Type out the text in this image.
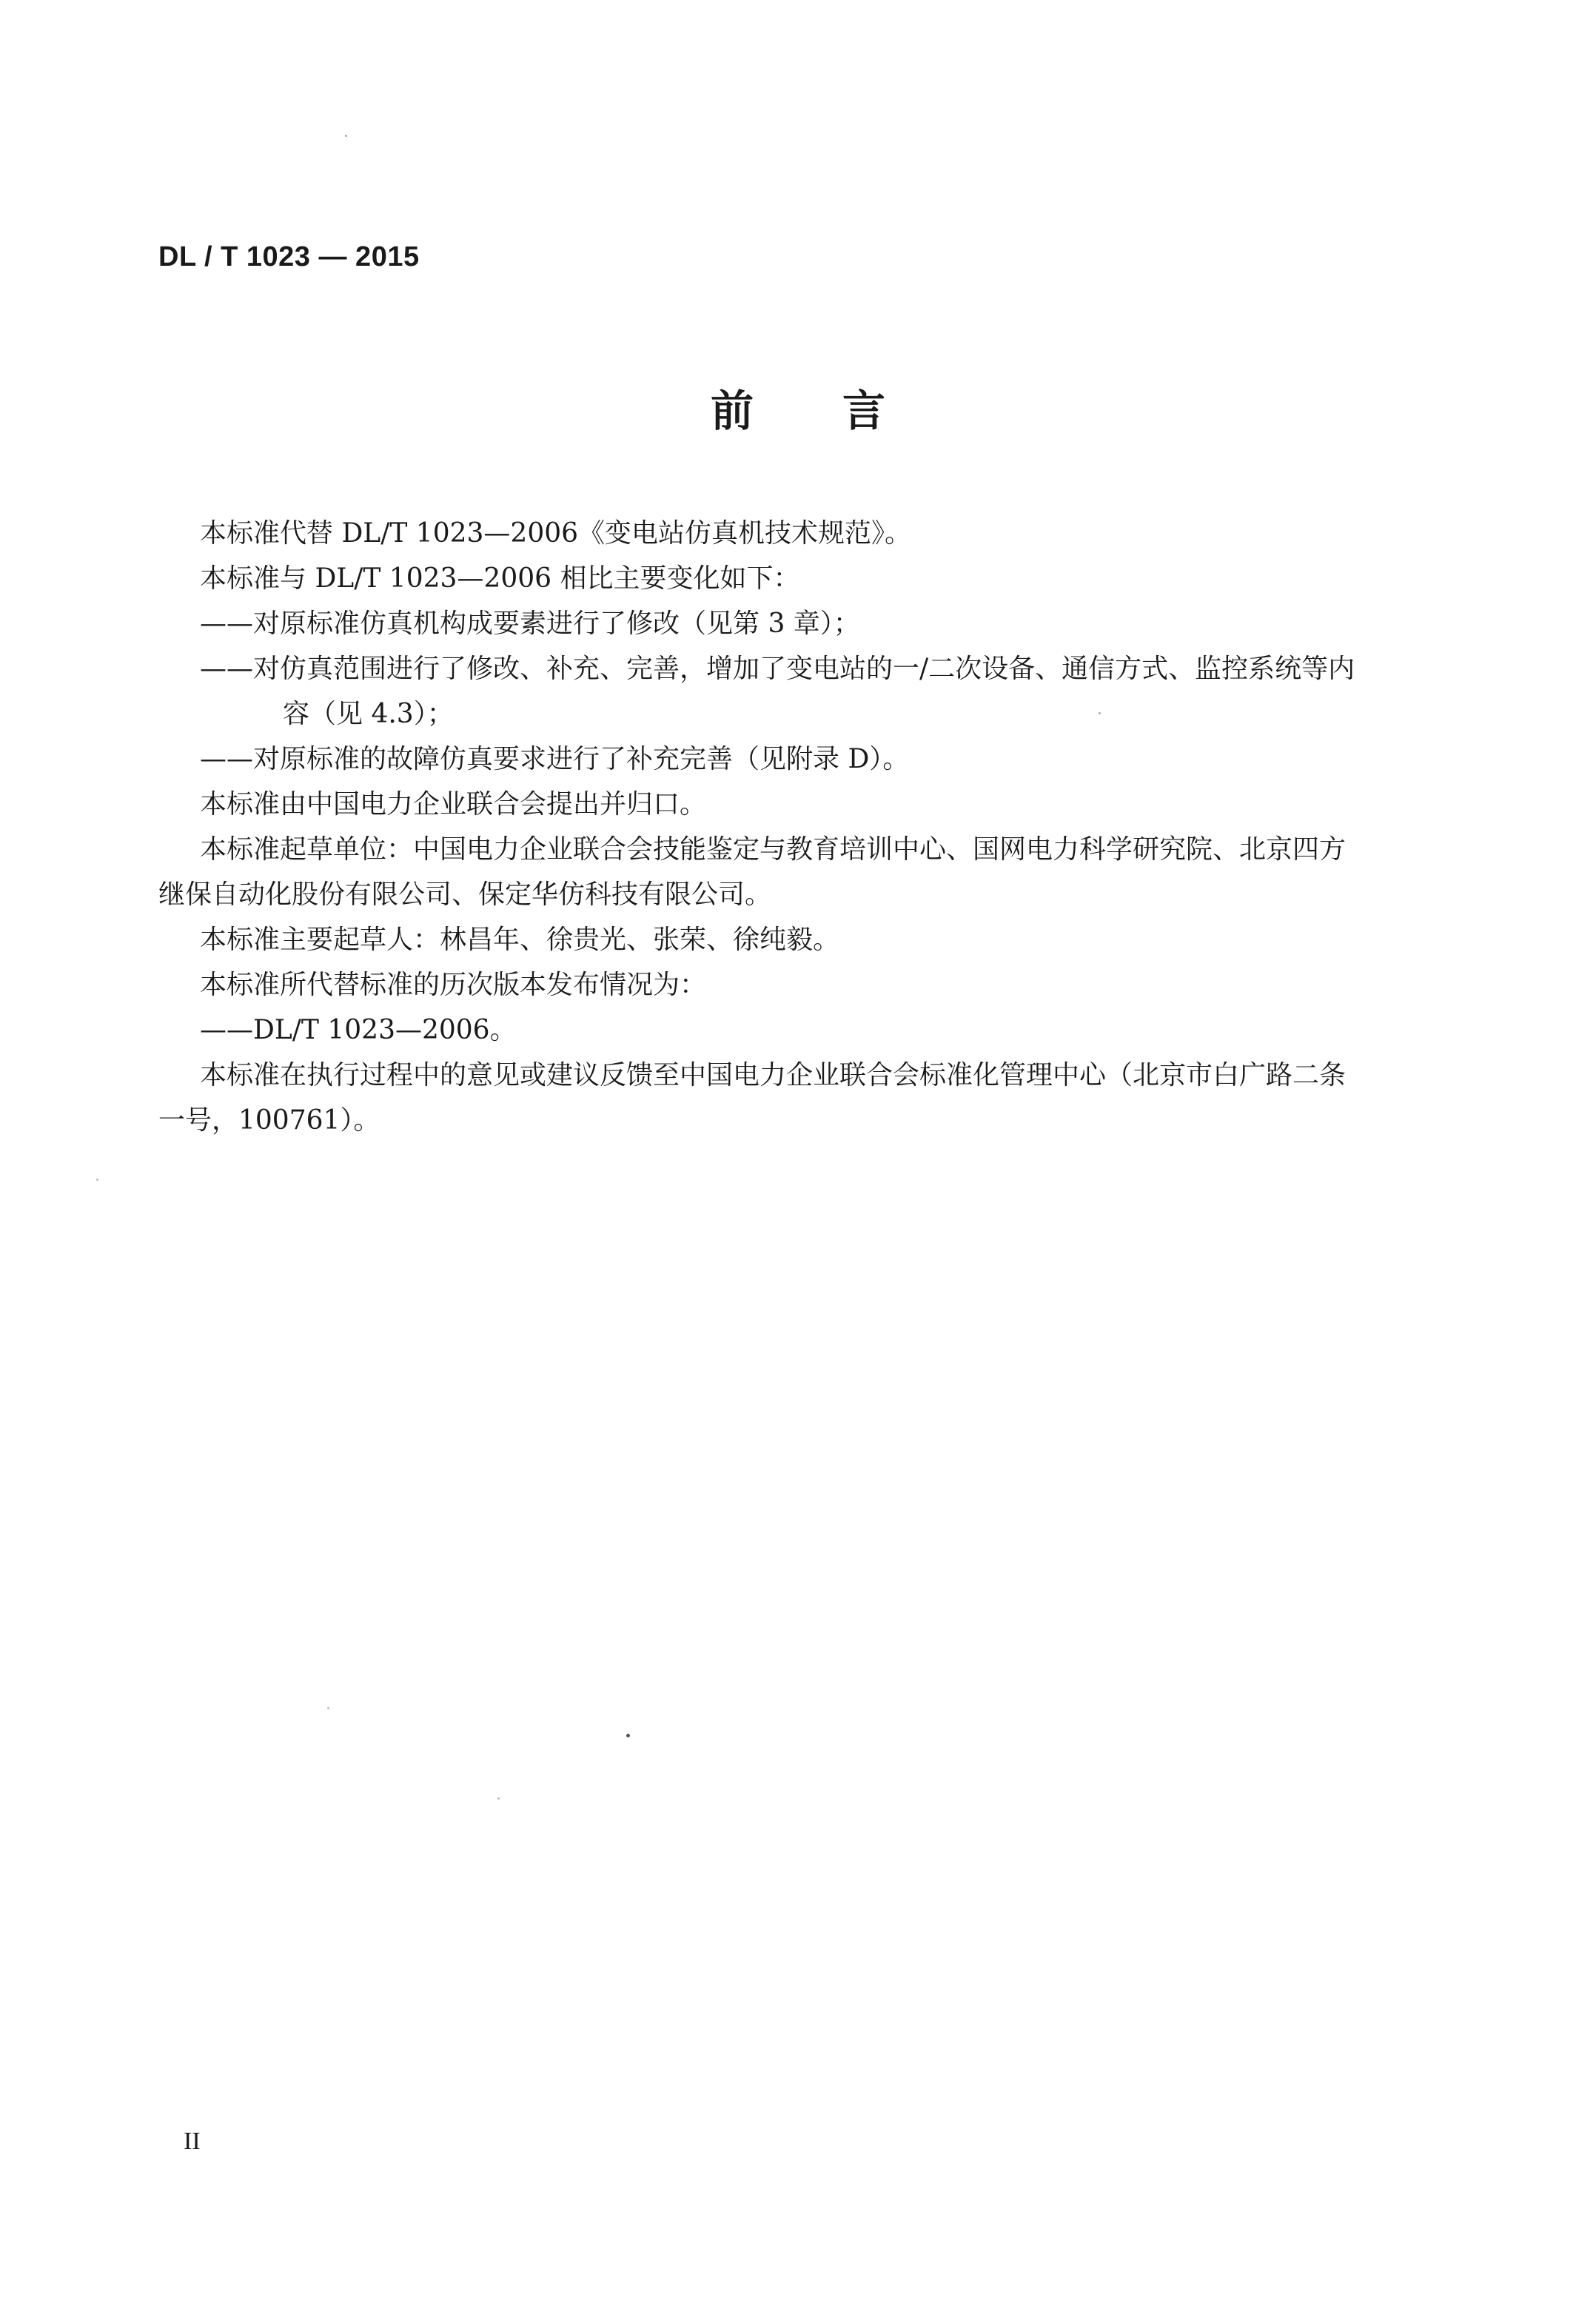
DL / T 1023 — 2015
前言

本标准代替 DL/T 1023—2006《变电站仿真机技术规范》。

本标准与 DL/T 1023—2006 相比主要变化如下：

——对原标准仿真机构成要素进行了修改（见第 3 章）；

——对仿真范围进行了修改、补充、完善，增加了变电站的一/二次设备、通信方式、监控系统等内

容（见 4.3）；

——对原标准的故障仿真要求进行了补充完善（见附录 D）。

本标准由中国电力企业联合会提出并归口。

本标准起草单位：中国电力企业联合会技能鉴定与教育培训中心、国网电力科学研究院、北京四方

继保自动化股份有限公司、保定华仿科技有限公司。

本标准主要起草人：林昌年、徐贵光、张荣、徐纯毅。

本标准所代替标准的历次版本发布情况为：

——DL/T 1023—2006。

本标准在执行过程中的意见或建议反馈至中国电力企业联合会标准化管理中心（北京市白广路二条

一号，100761）。

II
